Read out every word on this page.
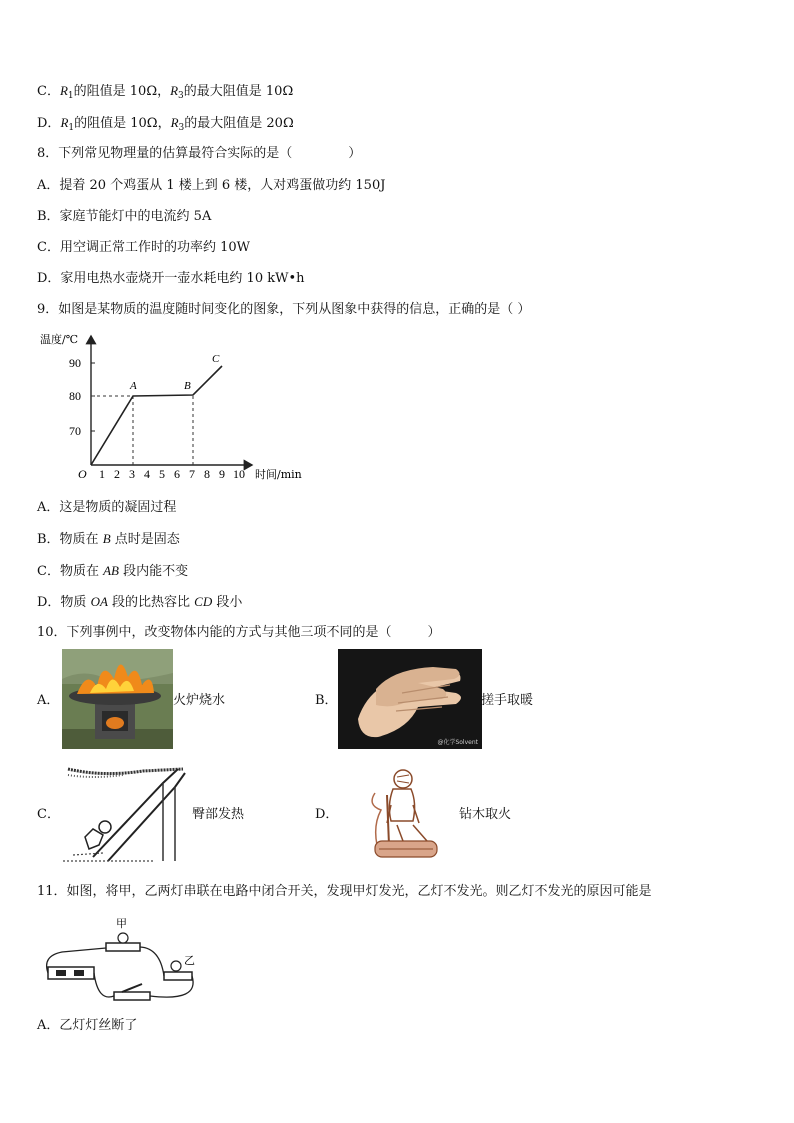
C．$R_1$的阻值是 10Ω，$R_3$的最大阻值是 10Ω
D．$R_1$的阻值是 10Ω，$R_3$的最大阻值是 20Ω
8．下列常见物理量的估算最符合实际的是（	）
A．提着 20 个鸡蛋从 1 楼上到 6 楼，人对鸡蛋做功约 150J
B．家庭节能灯中的电流约 5A
C．用空调正常工作时的功率约 10W
D．家用电热水壶烧开一壶水耗电约 10 kW•h
9．如图是某物质的温度随时间变化的图象，下列从图象中获得的信息，正确的是（ ）
温度/℃
90
80
70
O 1 2 3 4 5 6 7 8 9 10 时间/min
A	B
C
A．这是物质的凝固过程
B．物质在 B 点时是固态
C．物质在 AB 段内能不变
D．物质 OA 段的比热容比 CD 段小
10．下列事例中，改变物体内能的方式与其他三项不同的是（	）
A．	火炉烧水	B．
@化学Solvent
搓手取暖
C．	臀部发热	D．	钻木取火
11．如图，将甲，乙两灯串联在电路中闭合开关，发现甲灯发光，乙灯不发光。则乙灯不发光的原因可能是
甲
乙
A．乙灯灯丝断了
